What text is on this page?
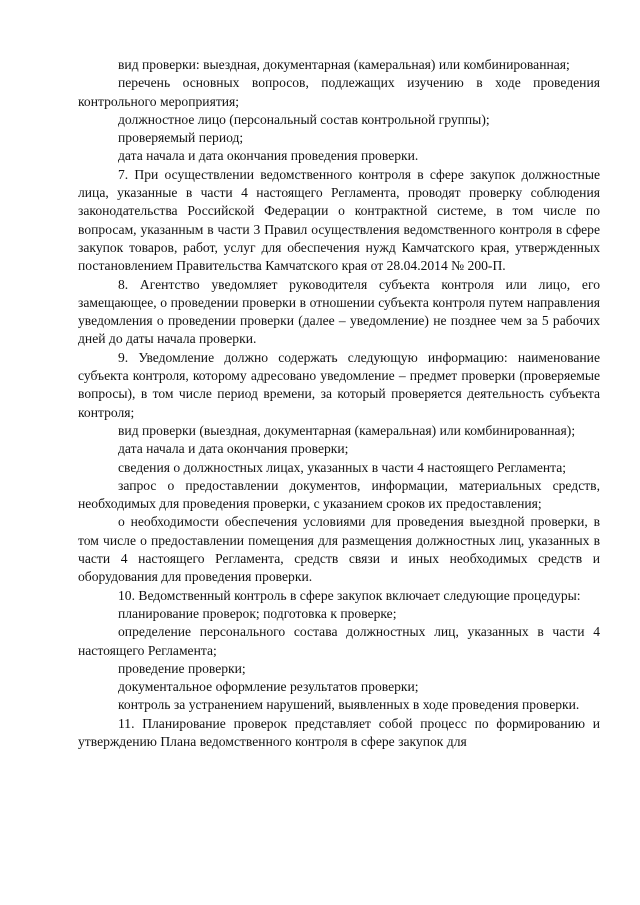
вид проверки: выездная, документарная (камеральная) или комбинированная;

перечень основных вопросов, подлежащих изучению в ходе проведения контрольного мероприятия;

должностное лицо (персональный состав контрольной группы);

проверяемый период;

дата начала и дата окончания проведения проверки.

7. При осуществлении ведомственного контроля в сфере закупок должностные лица, указанные в части 4 настоящего Регламента, проводят проверку соблюдения законодательства Российской Федерации о контрактной системе, в том числе по вопросам, указанным в части 3 Правил осуществления ведомственного контроля в сфере закупок товаров, работ, услуг для обеспечения нужд Камчатского края, утвержденных постановлением Правительства Камчатского края от 28.04.2014 № 200-П.

8. Агентство уведомляет руководителя субъекта контроля или лицо, его замещающее, о проведении проверки в отношении субъекта контроля путем направления уведомления о проведении проверки (далее – уведомление) не позднее чем за 5 рабочих дней до даты начала проверки.

9. Уведомление должно содержать следующую информацию: наименование субъекта контроля, которому адресовано уведомление – предмет проверки (проверяемые вопросы), в том числе период времени, за который проверяется деятельность субъекта контроля;

вид проверки (выездная, документарная (камеральная) или комбинированная);

дата начала и дата окончания проверки;

сведения о должностных лицах, указанных в части 4 настоящего Регламента;

запрос о предоставлении документов, информации, материальных средств, необходимых для проведения проверки, с указанием сроков их предоставления;

о необходимости обеспечения условиями для проведения выездной проверки, в том числе о предоставлении помещения для размещения должностных лиц, указанных в части 4 настоящего Регламента, средств связи и иных необходимых средств и оборудования для проведения проверки.

10. Ведомственный контроль в сфере закупок включает следующие процедуры:

планирование проверок; подготовка к проверке;

определение персонального состава должностных лиц, указанных в части 4 настоящего Регламента;

проведение проверки;

документальное оформление результатов проверки;

контроль за устранением нарушений, выявленных в ходе проведения проверки.

11. Планирование проверок представляет собой процесс по формированию и утверждению Плана ведомственного контроля в сфере закупок для
